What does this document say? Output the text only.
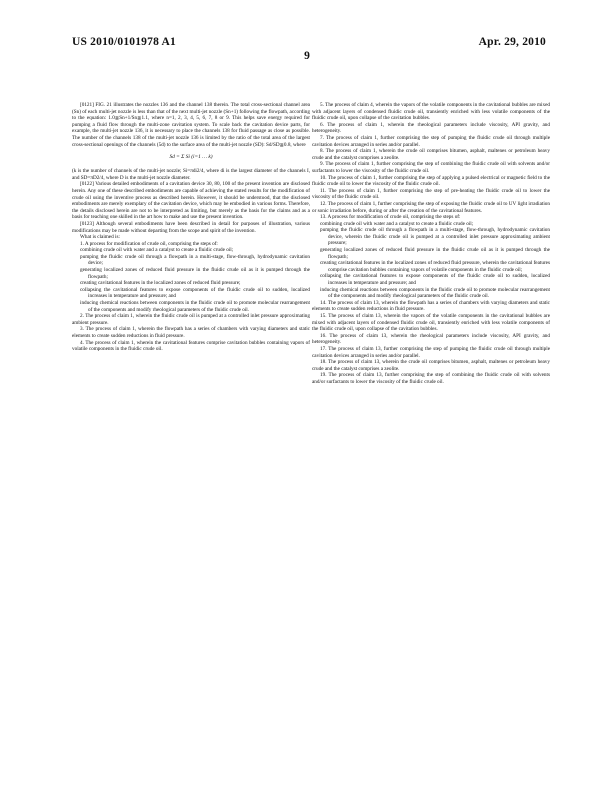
US 2010/0101978 A1	Apr. 29, 2010
9

[0121] FIG. 21 illustrates the nozzles 136 and the channel 138 therein. The total cross-sectional channel area (Sn) of each multi-jet nozzle is less than that of the next multi-jet nozzle (Sn+1) following the flowpath, according to the equation: 1.0≦Sn+1/Sn≦1.1, where n=1, 2, 3, 4, 5, 6, 7, 8 or 9. This helps save energy required for pumping a fluid flow through the multi-zone cavitation system. To scale back the cavitation device parts, for example, the multi-jet nozzle 136, it is necessary to place the channels 138 for fluid passage as close as possible. The number of the channels 138 of the multi-jet nozzle 136 is limited by the ratio of the total area of the largest cross-sectional openings of the channels (5d) to the surface area of the multi-jet nozzle (SD): Sd/SD≦0.8, where

Sd = Σ Si (i=1 … k)

(k is the number of channels of the multi-jet nozzle; Si=πdi2/4, where di is the largest diameter of the channels I, and SD=πD2/4, where D is the multi-jet nozzle diameter.

[0122] Various detailed embodiments of a cavitation device 30, 80, 100 of the present invention are disclosed herein. Any one of these described embodiments are capable of achieving the stated results for the modification of crude oil using the inventive process as described herein. However, it should be understood, that the disclosed embodiments are merely exemplary of the cavitation device, which may be embodied in various forms. Therefore, the details disclosed herein are not to be interpreted as limiting, but merely as the basis for the claims and as a basis for teaching one skilled in the art how to make and use the present invention.

[0123] Although several embodiments have been described in detail for purposes of illustration, various modifications may be made without departing from the scope and spirit of the invention.

What is claimed is:

1. A process for modification of crude oil, comprising the steps of:

combining crude oil with water and a catalyst to create a fluidic crude oil;

pumping the fluidic crude oil through a flowpath in a multi-stage, flow-through, hydrodynamic cavitation device;

generating localized zones of reduced fluid pressure in the fluidic crude oil as it is pumped through the flowpath;

creating cavitational features in the localized zones of reduced fluid pressure;

collapsing the cavitational features to expose components of the fluidic crude oil to sudden, localized increases in temperature and pressure; and

inducing chemical reactions between components in the fluidic crude oil to promote molecular rearrangement of the components and modify rheological parameters of the fluidic crude oil.

2. The process of claim 1, wherein the fluidic crude oil is pumped at a controlled inlet pressure approximating ambient pressure.

3. The process of claim 1, wherein the flowpath has a series of chambers with varying diameters and static elements to create sudden reductions in fluid pressure.

4. The process of claim 1, wherein the cavitational features comprise cavitation bubbles containing vapors of volatile components in the fluidic crude oil.

5. The process of claim 4, wherein the vapors of the volatile components in the cavitational bubbles are mixed with adjacent layers of condensed fluidic crude oil, transiently enriched with less volatile components of the fluidic crude oil, upon collapse of the cavitation bubbles.

6. The process of claim 1, wherein the rheological parameters include viscosity, API gravity, and heterogeneity.

7. The process of claim 1, further comprising the step of pumping the fluidic crude oil through multiple cavitation devices arranged in series and/or parallel.

8. The process of claim 1, wherein the crude oil comprises bitumen, asphalt, maltenes or petroleum heavy crude and the catalyst comprises a zeolite.

9. The process of claim 1, further comprising the step of combining the fluidic crude oil with solvents and/or surfactants to lower the viscosity of the fluidic crude oil.

10. The process of claim 1, further comprising the step of applying a pulsed electrical or magnetic field to the fluidic crude oil to lower the viscosity of the fluidic crude oil.

11. The process of claim 1, further comprising the step of pre-heating the fluidic crude oil to lower the viscosity of the fluidic crude oil.

12. The process of claim 1, further comprising the step of exposing the fluidic crude oil to UV light irradiation or sonic irradiation before, during or after the creation of the cavitational features.

13. A process for modification of crude oil, comprising the steps of:

combining crude oil with water and a catalyst to create a fluidic crude oil;

pumping the fluidic crude oil through a flowpath in a multi-stage, flow-through, hydrodynamic cavitation device, wherein the fluidic crude oil is pumped at a controlled inlet pressure approximating ambient pressure;

generating localized zones of reduced fluid pressure in the fluidic crude oil as it is pumped through the flowpath;

creating cavitational features in the localized zones of reduced fluid pressure, wherein the cavitational features comprise cavitation bubbles containing vapors of volatile components in the fluidic crude oil;

collapsing the cavitational features to expose components of the fluidic crude oil to sudden, localized increases in temperature and pressure; and

inducing chemical reactions between components in the fluidic crude oil to promote molecular rearrangement of the components and modify rheological parameters of the fluidic crude oil.

14. The process of claim 13, wherein the flowpath has a series of chambers with varying diameters and static elements to create sudden reductions in fluid pressure.

15. The process of claim 13, wherein the vapors of the volatile components in the cavitational bubbles are mixed with adjacent layers of condensed fluidic crude oil, transiently enriched with less volatile components of the fluidic crude oil, upon collapse of the cavitation bubbles.

16. The process of claim 13, wherein the rheological parameters include viscosity, API gravity, and heterogeneity.

17. The process of claim 13, further comprising the step of pumping the fluidic crude oil through multiple cavitation devices arranged in series and/or parallel.

18. The process of claim 13, wherein the crude oil comprises bitumen, asphalt, maltenes or petroleum heavy crude and the catalyst comprises a zeolite.

19. The process of claim 13, further comprising the step of combining the fluidic crude oil with solvents and/or surfactants to lower the viscosity of the fluidic crude oil.
